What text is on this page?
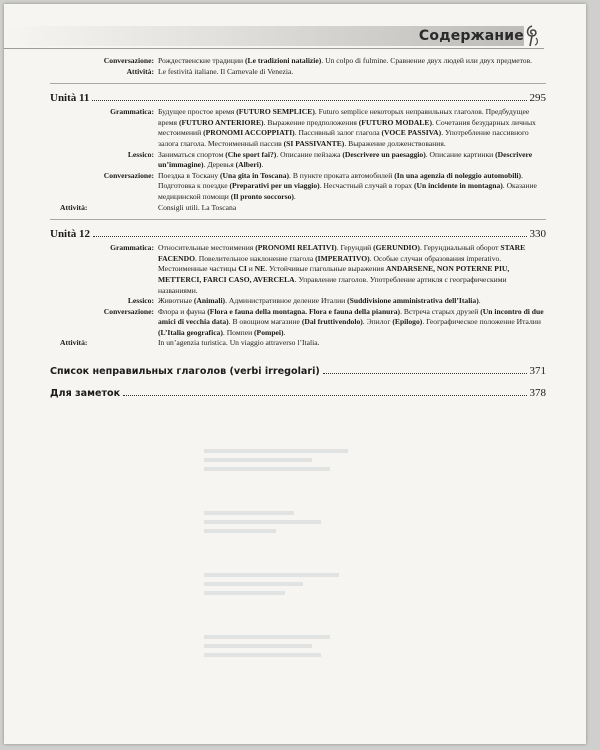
Содержание
Conversazione: Рождественские традиции (Le tradizioni natalizie). Un colpo di fulmine. Сравнение двух людей или двух предметов.
Attività: Le festività italiane. Il Carnevale di Venezia.
Unità 11	295
Grammatica: Будущее простое время (FUTURO SEMPLICE). Futuro semplice некоторых неправильных глаголов. Предбудущее время (FUTURO ANTERIORE). Выражение предположения (FUTURO MODALE). Сочетания безударных личных местоимений (PRONOMI ACCOPPIATI). Пассивный залог глагола (VOCE PASSIVA). Употребление пассивного залога глагола. Местоименный пассив (SI PASSIVANTE). Выражение долженствования.
Lessico: Заниматься спортом (Che sport fai?). Описание пейзажа (Descrivere un paesaggio). Описание картинки (Descrivere un’immagine). Деревья (Alberi).
Conversazione: Поездка в Тоскану (Una gita in Toscana). В пункте проката автомобилей (In una agenzia di noleggio automobili). Подготовка к поездке (Preparativi per un viaggio). Несчастный случай в горах (Un incidente in montagna). Оказание медицинской помощи (Il pronto soccorso).
Attività:	Consigli utili. La Toscana
Unità 12	330
Grammatica: Относительные местоимения (PRONOMI RELATIVI). Герундий (GERUNDIO). Герундиальный оборот STARE FACENDO. Повелительное наклонение глагола (IMPERATIVO). Особые случаи образования imperativo. Местоименные частицы CI и NE. Устойчивые глагольные выражения ANDARSENE, NON POTERNE PIU, METTERCI, FARCI CASO, AVERCELA. Управление глаголов. Употребление артикля с географическими названиями.
Lessico: Животные (Animali). Административное деление Италии (Suddivisione amministrativa dell’Italia).
Conversazione: Флора и фауна (Flora e fauna della montagna. Flora e fauna della pianura). Встреча старых друзей (Un incontro di due amici di vecchia data). В овощном магазине (Dal fruttivendolo). Эпилог (Epilogo). Географическое положение Италии (L’Italia geografica). Помпеи (Pompei).
Attività:	In un’agenzia turistica. Un viaggio attraverso l’Italia.
Список неправильных глаголов (verbi irregolari)	371
Для заметок	378
